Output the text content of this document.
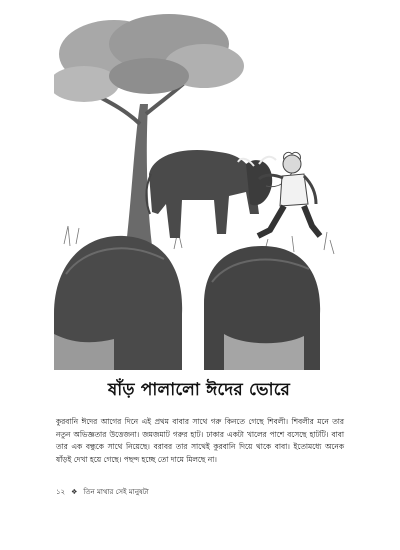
ষাঁড় পালালো ঈদের ভোরে

কুরবানি ঈদের আগের দিনে এই প্রথম বাবার সাথে গরু কিনতে গেছে শিবলী। শিবলীর মনে তার নতুন অভিজ্ঞতার উত্তেজনা। জমজমাট গরুর হাট। ঢাকার একটা খালের পাশে বসেছে হাটটি। বাবা তার এক বন্ধুকে সাথে নিয়েছে। বরাবর তার সাথেই কুরবানি দিয়ে থাকে বাবা। ইতোমধ্যে অনেক ষাঁড়ই দেখা হয়ে গেছে। পছন্দ হচ্ছে তো দামে মিলছে না।

১২ ❖ তিন মাথার সেই মানুষটা
